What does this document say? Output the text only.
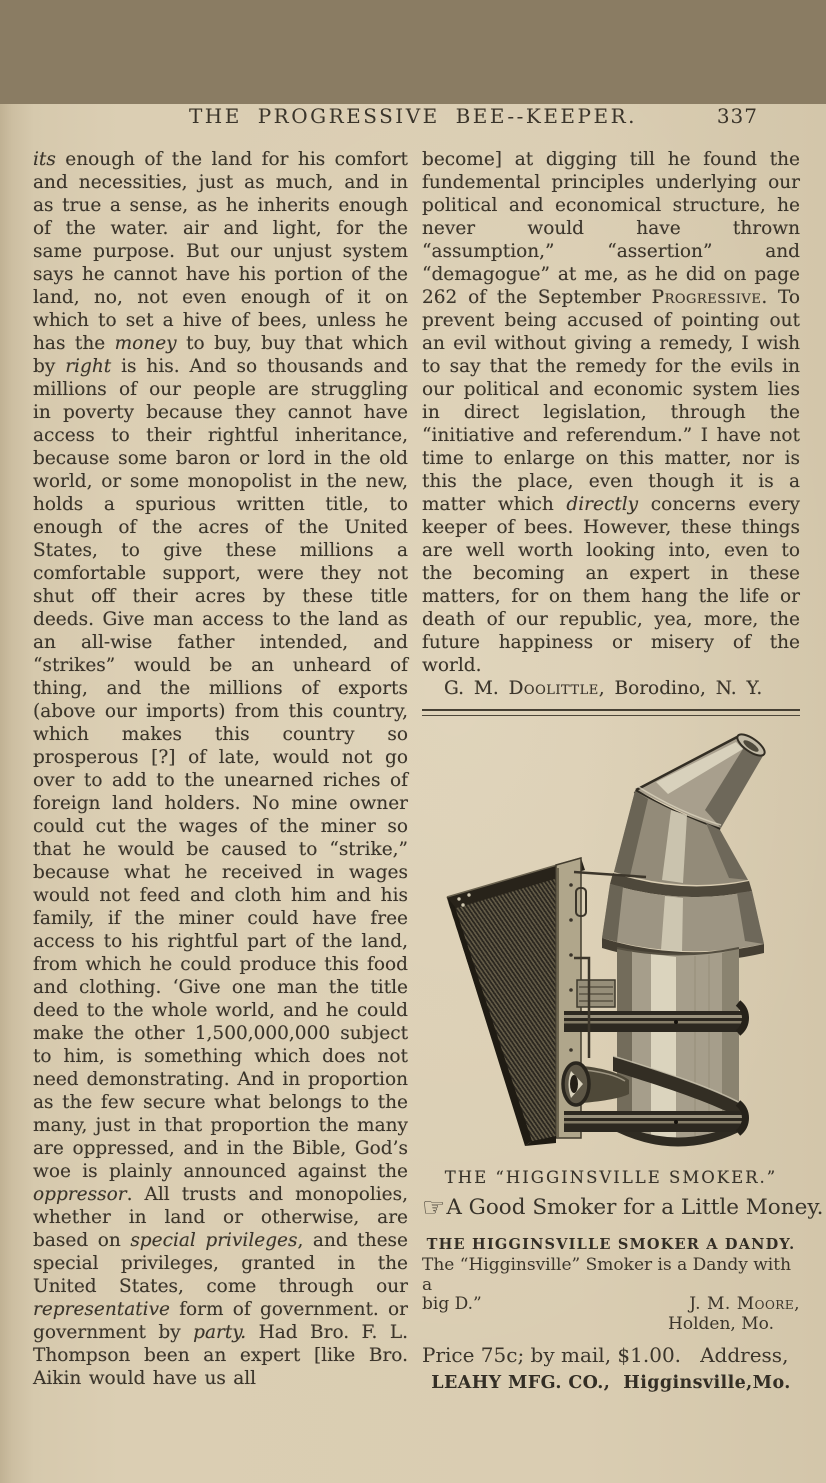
THE PROGRESSIVE BEE--KEEPER.	337

its enough of the land for his comfort and necessities, just as much, and in as true a sense, as he inherits enough of the water. air and light, for the same purpose. But our unjust system says he cannot have his portion of the land, no, not even enough of it on which to set a hive of bees, unless he has the money to buy, buy that which by right is his. And so thousands and millions of our people are struggling in poverty because they cannot have access to their rightful inheritance, because some baron or lord in the old world, or some monopolist in the new, holds a spurious written title, to enough of the acres of the United States, to give these millions a comfortable support, were they not shut off their acres by these title deeds. Give man access to the land as an all-wise father intended, and “strikes” would be an unheard of thing, and the millions of exports (above our imports) from this country, which makes this country so prosperous [?] of late, would not go over to add to the unearned riches of foreign land holders. No mine owner could cut the wages of the miner so that he would be caused to “strike,” because what he received in wages would not feed and cloth him and his family, if the miner could have free access to his rightful part of the land, from which he could produce this food and clothing. ‘Give one man the title deed to the whole world, and he could make the other 1,500,000,000 subject to him, is something which does not need demonstrating. And in proportion as the few secure what belongs to the many, just in that proportion the many are oppressed, and in the Bible, God’s woe is plainly announced against the oppressor. All trusts and monopolies, whether in land or otherwise, are based on special privileges, and these special privileges, granted in the United States, come through our representative form of government. or government by party. Had Bro. F. L. Thompson been an expert [like Bro. Aikin would have us all

become] at digging till he found the fundemental principles underlying our political and economical structure, he never would have thrown “assumption,” “assertion” and “demagogue” at me, as he did on page 262 of the September Progressive. To prevent being accused of pointing out an evil without giving a remedy, I wish to say that the remedy for the evils in our political and economic system lies in direct legislation, through the “initiative and referendum.” I have not time to enlarge on this matter, nor is this the place, even though it is a matter which directly concerns every keeper of bees. However, these things are well worth looking into, even to the becoming an expert in these matters, for on them hang the life or death of our republic, yea, more, the future happiness or misery of the world.

G. M. Doolittle, Borodino, N. Y.

THE “HIGGINSVILLE SMOKER.”
☞A Good Smoker for a Little Money.
THE HIGGINSVILLE SMOKER A DANDY.
The “Higginsville” Smoker is a Dandy with a
big D.”	J. M. Moore,
Holden, Mo.
Price 75c; by mail, $1.00.   Address,
LEAHY MFG. CO.,  Higginsville,Mo.
